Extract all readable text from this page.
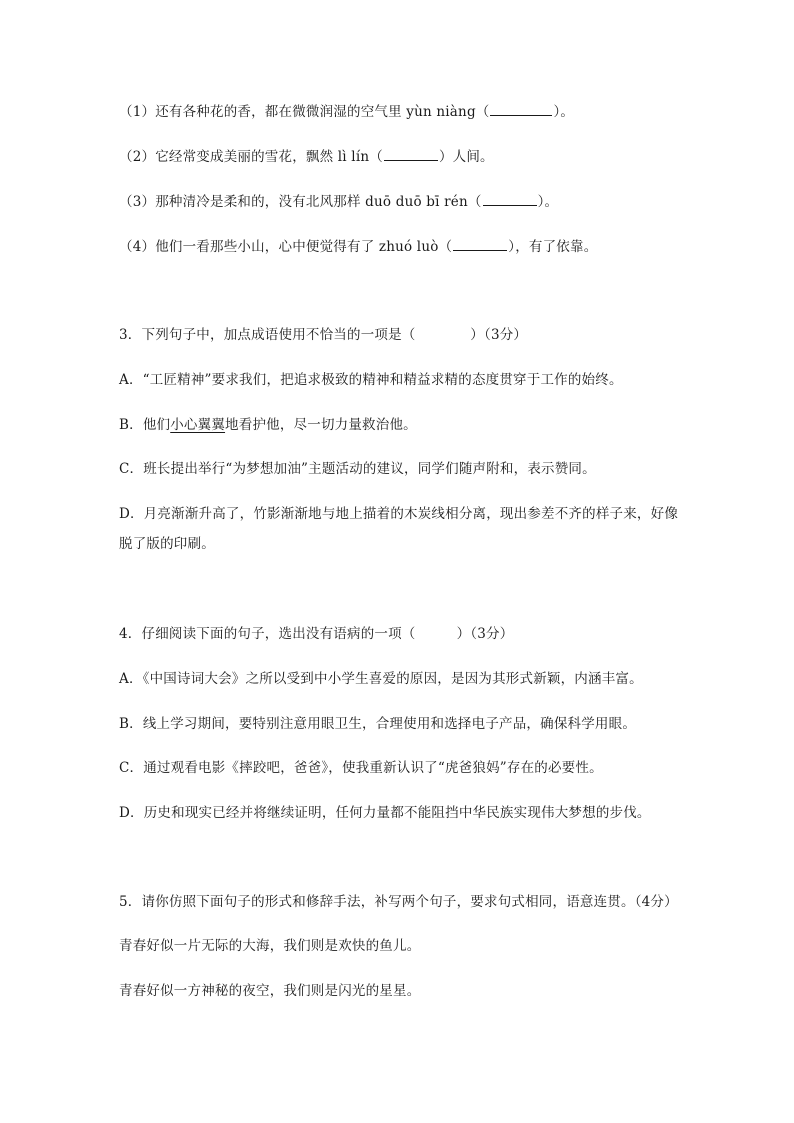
（1）还有各种花的香，都在微微润湿的空气里 yùn niàng（	）。
（2）它经常变成美丽的雪花，飘然 lì lín（	）人间。
（3）那种清冷是柔和的，没有北风那样 duō duō bī rén（	）。
（4）他们一看那些小山，心中便觉得有了 zhuó luò（	），有了依靠。
3．下列句子中，加点成语使用不恰当的一项是（　　　　）（3分）
A．“工匠精神”要求我们，把追求极致的精神和精益求精的态度贯穿于工作的始终。
B．他们小心翼翼地看护他，尽一切力量救治他。
C．班长提出举行“为梦想加油”主题活动的建议，同学们随声附和，表示赞同。
D．月亮渐渐升高了，竹影渐渐地与地上描着的木炭线相分离，现出参差不齐的样子来，好像脱了版的印刷。
4．仔细阅读下面的句子，选出没有语病的一项（　　　）（3分）
A．《中国诗词大会》之所以受到中小学生喜爱的原因，是因为其形式新颖，内涵丰富。
B．线上学习期间，要特别注意用眼卫生，合理使用和选择电子产品，确保科学用眼。
C．通过观看电影《摔跤吧，爸爸》，使我重新认识了“虎爸狼妈”存在的必要性。
D．历史和现实已经并将继续证明，任何力量都不能阻挡中华民族实现伟大梦想的步伐。
5．请你仿照下面句子的形式和修辞手法，补写两个句子，要求句式相同，语意连贯。（4分）
青春好似一片无际的大海，我们则是欢快的鱼儿。
青春好似一方神秘的夜空，我们则是闪光的星星。
